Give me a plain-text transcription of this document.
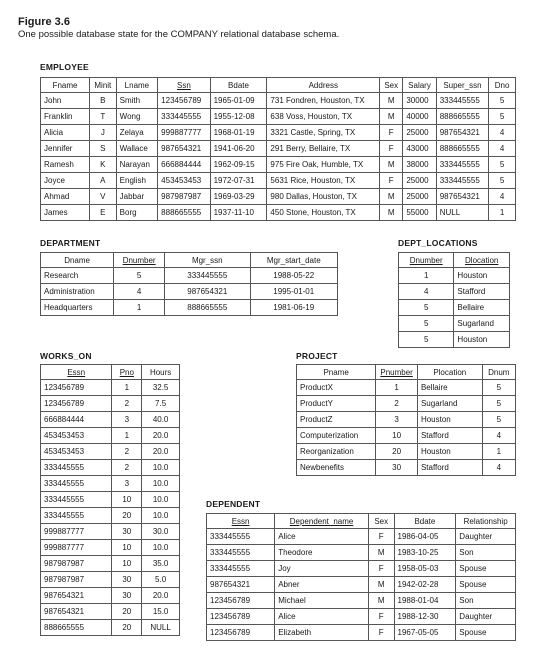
Figure 3.6
One possible database state for the COMPANY relational database schema.
EMPLOYEE
Fname	Minit	Lname	Ssn	Bdate	Address	Sex	Salary	Super_ssn	Dno
John	B	Smith	123456789	1965-01-09	731 Fondren, Houston, TX	M	30000	333445555	5
Franklin	T	Wong	333445555	1955-12-08	638 Voss, Houston, TX	M	40000	888665555	5
Alicia	J	Zelaya	999887777	1968-01-19	3321 Castle, Spring, TX	F	25000	987654321	4
Jennifer	S	Wallace	987654321	1941-06-20	291 Berry, Bellaire, TX	F	43000	888665555	4
Ramesh	K	Narayan	666884444	1962-09-15	975 Fire Oak, Humble, TX	M	38000	333445555	5
Joyce	A	English	453453453	1972-07-31	5631 Rice, Houston, TX	F	25000	333445555	5
Ahmad	V	Jabbar	987987987	1969-03-29	980 Dallas, Houston, TX	M	25000	987654321	4
James	E	Borg	888665555	1937-11-10	450 Stone, Houston, TX	M	55000	NULL	1
DEPARTMENT
Dname	Dnumber	Mgr_ssn	Mgr_start_date
Research	5	333445555	1988-05-22
Administration	4	987654321	1995-01-01
Headquarters	1	888665555	1981-06-19
DEPT_LOCATIONS
Dnumber	Dlocation
1	Houston
4	Stafford
5	Bellaire
5	Sugarland
5	Houston
WORKS_ON
Essn	Pno	Hours
123456789	1	32.5
123456789	2	7.5
666884444	3	40.0
453453453	1	20.0
453453453	2	20.0
333445555	2	10.0
333445555	3	10.0
333445555	10	10.0
333445555	20	10.0
999887777	30	30.0
999887777	10	10.0
987987987	10	35.0
987987987	30	5.0
987654321	30	20.0
987654321	20	15.0
888665555	20	NULL
PROJECT
Pname	Pnumber	Plocation	Dnum
ProductX	1	Bellaire	5
ProductY	2	Sugarland	5
ProductZ	3	Houston	5
Computerization	10	Stafford	4
Reorganization	20	Houston	1
Newbenefits	30	Stafford	4
DEPENDENT
Essn	Dependent_name	Sex	Bdate	Relationship
333445555	Alice	F	1986-04-05	Daughter
333445555	Theodore	M	1983-10-25	Son
333445555	Joy	F	1958-05-03	Spouse
987654321	Abner	M	1942-02-28	Spouse
123456789	Michael	M	1988-01-04	Son
123456789	Alice	F	1988-12-30	Daughter
123456789	Elizabeth	F	1967-05-05	Spouse
